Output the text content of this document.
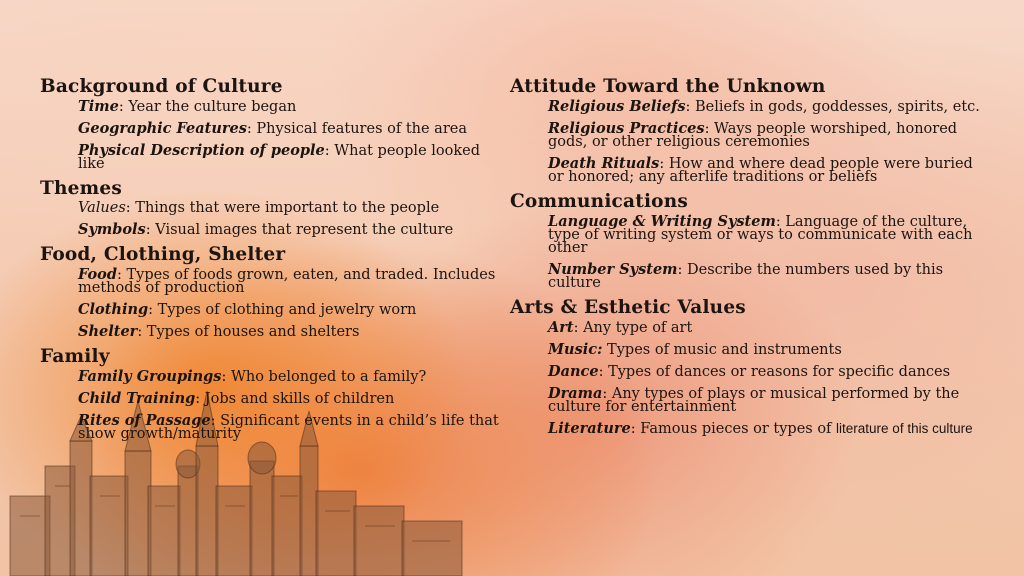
Background of Culture
Time: Year the culture began
Geographic Features: Physical features of the area
Physical Description of people: What people looked like
Themes
Values: Things that were important to the people
Symbols: Visual images that represent the culture
Food, Clothing, Shelter
Food: Types of foods grown, eaten, and traded. Includes methods of production
Clothing: Types of clothing and jewelry worn
Shelter: Types of houses and shelters
Family
Family Groupings: Who belonged to a family?
Child Training: Jobs and skills of children
Rites of Passage: Significant events in a child’s life that show growth/maturity
Attitude Toward the Unknown
Religious Beliefs: Beliefs in gods, goddesses, spirits, etc.
Religious Practices: Ways people worshiped, honored gods, or other religious ceremonies
Death Rituals: How and where dead people were buried or honored; any afterlife traditions or beliefs
Communications
Language & Writing System: Language of the culture, type of writing system or ways to communicate with each other
Number System: Describe the numbers used by this culture
Arts & Esthetic Values
Art: Any type of art
Music: Types of music and instruments
Dance: Types of dances or reasons for specific dances
Drama: Any types of plays or musical performed by the culture for entertainment
Literature: Famous pieces or types of literature of this culture
